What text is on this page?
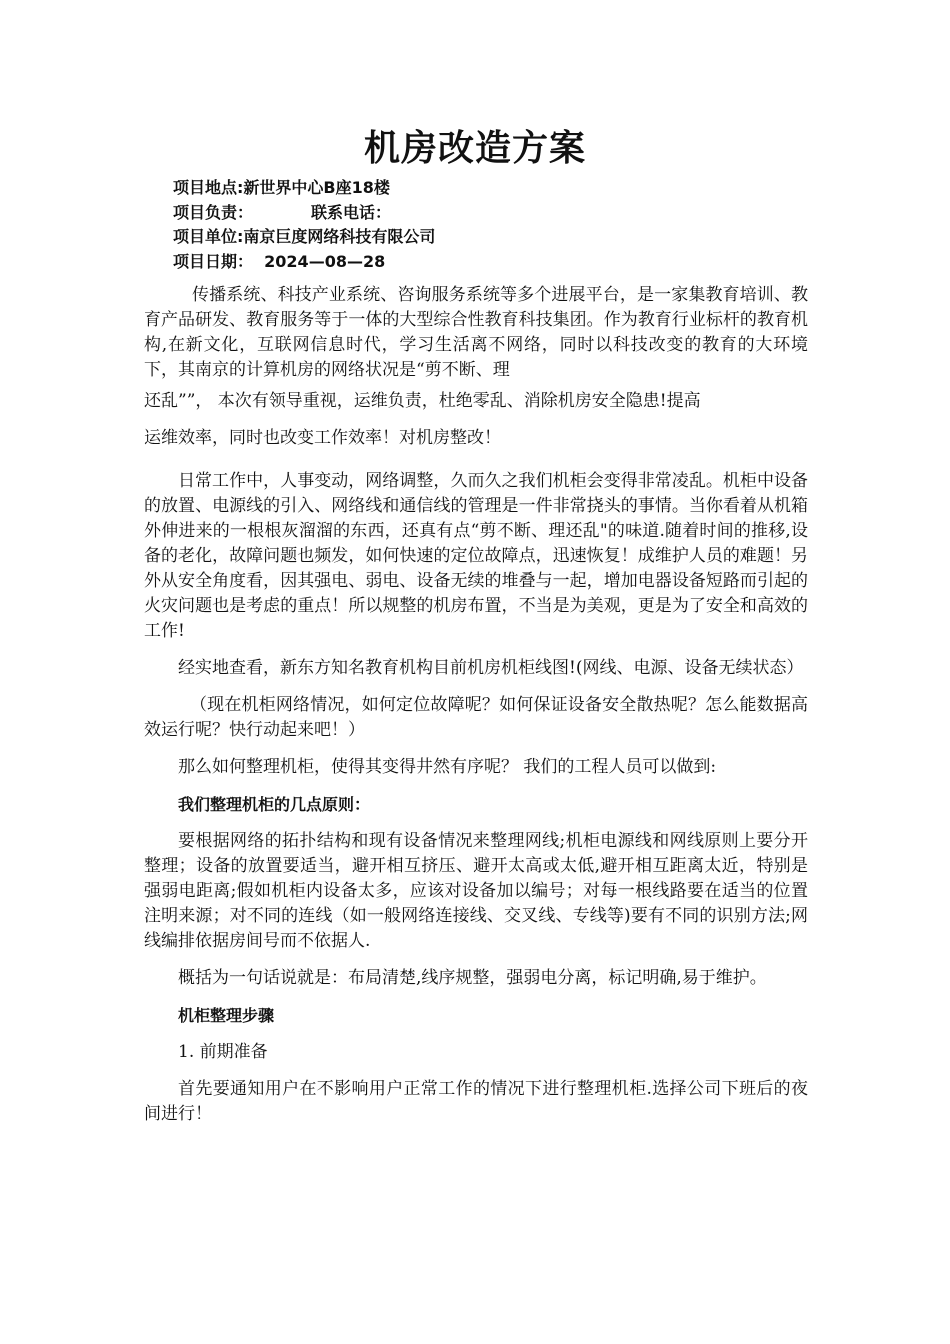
机房改造方案
项目地点:新世界中心B座18楼
项目负责：	联系电话：
项目单位:南京巨度网络科技有限公司
项目日期： 2024—08—28

传播系统、科技产业系统、咨询服务系统等多个进展平台，是一家集教育培训、教育产品研发、教育服务等于一体的大型综合性教育科技集团。作为教育行业标杆的教育机构,在新文化，互联网信息时代，学习生活离不网络，同时以科技改变的教育的大环境下，其南京的计算机房的网络状况是“剪不断、理
还乱””， 本次有领导重视，运维负责，杜绝零乱、消除机房安全隐患!提高
运维效率，同时也改变工作效率！对机房整改！

日常工作中，人事变动，网络调整，久而久之我们机柜会变得非常凌乱。机柜中设备的放置、电源线的引入、网络线和通信线的管理是一件非常挠头的事情。当你看着从机箱外伸进来的一根根灰溜溜的东西，还真有点“剪不断、理还乱"的味道.随着时间的推移,设备的老化，故障问题也频发，如何快速的定位故障点，迅速恢复！成维护人员的难题！另外从安全角度看，因其强电、弱电、设备无续的堆叠与一起，增加电器设备短路而引起的火灾问题也是考虑的重点！所以规整的机房布置，不当是为美观，更是为了安全和高效的工作!

经实地查看，新东方知名教育机构目前机房机柜线图!(网线、电源、设备无续状态）

（现在机柜网络情况，如何定位故障呢？如何保证设备安全散热呢？怎么能数据高效运行呢？快行动起来吧！）

那么如何整理机柜，使得其变得井然有序呢？ 我们的工程人员可以做到:

我们整理机柜的几点原则：

要根据网络的拓扑结构和现有设备情况来整理网线;机柜电源线和网线原则上要分开整理；设备的放置要适当，避开相互挤压、避开太高或太低,避开相互距离太近，特别是强弱电距离;假如机柜内设备太多，应该对设备加以编号；对每一根线路要在适当的位置注明来源；对不同的连线（如一般网络连接线、交叉线、专线等)要有不同的识别方法;网线编排依据房间号而不依据人.

概括为一句话说就是：布局清楚,线序规整，强弱电分离，标记明确,易于维护。

机柜整理步骤

1. 前期准备

首先要通知用户在不影响用户正常工作的情况下进行整理机柜.选择公司下班后的夜间进行！
